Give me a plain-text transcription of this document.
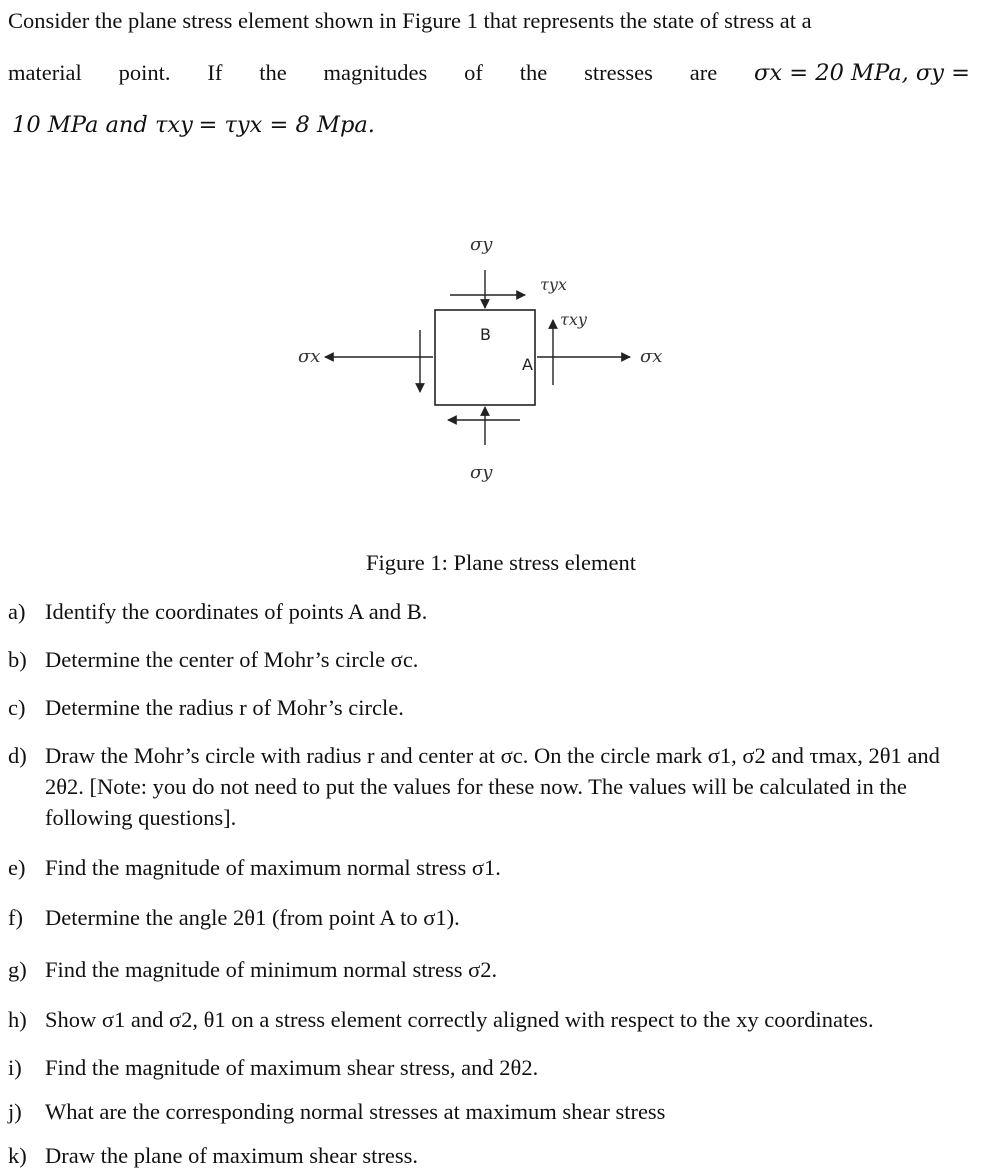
Consider the plane stress element shown in Figure 1 that represents the state of stress at a
material point. If the magnitudes of the stresses are σx = 20 MPa, σy =
10 MPa and τxy = τyx = 8 Mpa.
σy
σy
σx	σx
τyx
τxy
B
A
Figure 1: Plane stress element
a) Identify the coordinates of points A and B.
b) Determine the center of Mohr’s circle σc.
c) Determine the radius r of Mohr’s circle.
d) Draw the Mohr’s circle with radius r and center at σc. On the circle mark σ1, σ2 and τmax, 2θ1 and 2θ2. [Note: you do not need to put the values for these now. The values will be calculated in the following questions].
e) Find the magnitude of maximum normal stress σ1.
f) Determine the angle 2θ1 (from point A to σ1).
g) Find the magnitude of minimum normal stress σ2.
h) Show σ1 and σ2, θ1 on a stress element correctly aligned with respect to the xy coordinates.
i) Find the magnitude of maximum shear stress, and 2θ2.
j) What are the corresponding normal stresses at maximum shear stress
k) Draw the plane of maximum shear stress.
